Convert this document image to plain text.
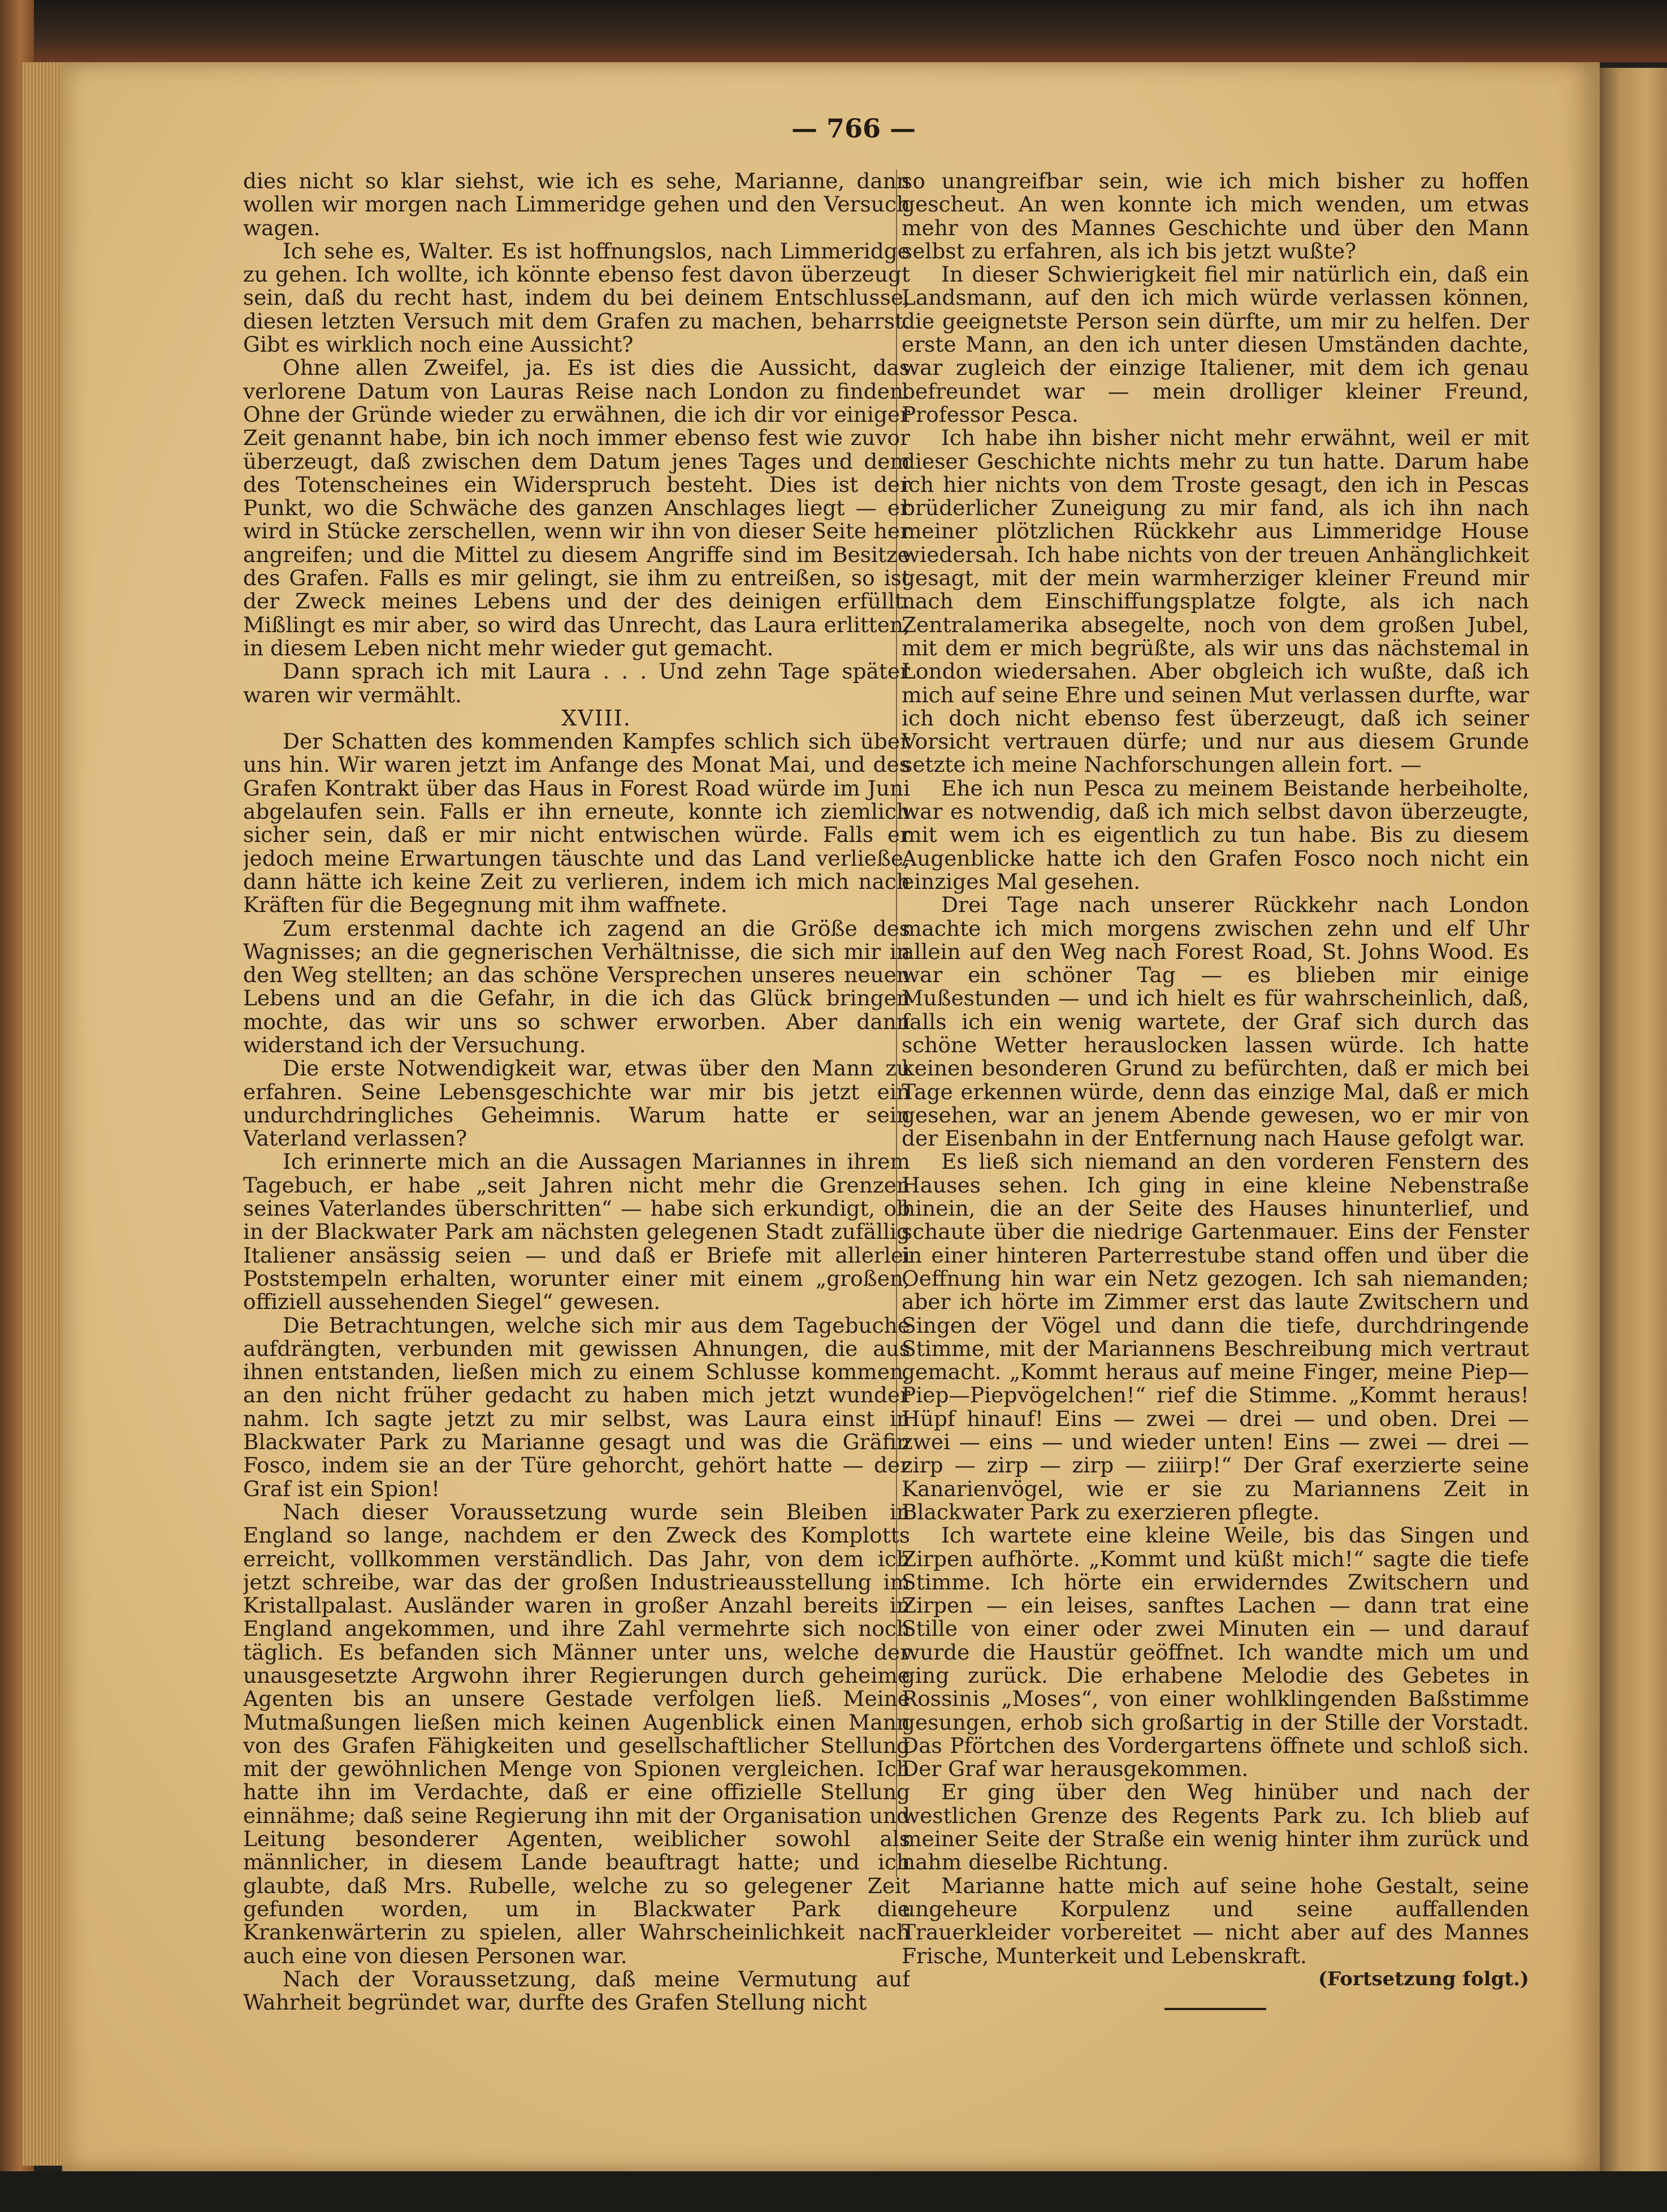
— 766 —

dies nicht so klar siehst, wie ich es sehe, Marianne, dann wollen wir morgen nach Limmeridge gehen und den Versuch wagen.

Ich sehe es, Walter. Es ist hoffnungslos, nach Limmeridge zu gehen. Ich wollte, ich könnte ebenso fest davon überzeugt sein, daß du recht hast, indem du bei deinem Entschlusse, diesen letzten Versuch mit dem Grafen zu machen, beharrst. Gibt es wirklich noch eine Aussicht?

Ohne allen Zweifel, ja. Es ist dies die Aussicht, das verlorene Datum von Lauras Reise nach London zu finden. Ohne der Gründe wieder zu erwähnen, die ich dir vor einiger Zeit genannt habe, bin ich noch immer ebenso fest wie zuvor überzeugt, daß zwischen dem Datum jenes Tages und dem des Totenscheines ein Widerspruch besteht. Dies ist der Punkt, wo die Schwäche des ganzen Anschlages liegt — er wird in Stücke zerschellen, wenn wir ihn von dieser Seite her angreifen; und die Mittel zu diesem Angriffe sind im Besitze des Grafen. Falls es mir gelingt, sie ihm zu entreißen, so ist der Zweck meines Lebens und der des deinigen erfüllt. Mißlingt es mir aber, so wird das Unrecht, das Laura erlitten, in diesem Leben nicht mehr wieder gut gemacht.

Dann sprach ich mit Laura . . . Und zehn Tage später waren wir vermählt.

XVIII.

Der Schatten des kommenden Kampfes schlich sich über uns hin. Wir waren jetzt im Anfange des Monat Mai, und des Grafen Kontrakt über das Haus in Forest Road würde im Juni abgelaufen sein. Falls er ihn erneute, konnte ich ziemlich sicher sein, daß er mir nicht entwischen würde. Falls er jedoch meine Erwartungen täuschte und das Land verließe, dann hätte ich keine Zeit zu verlieren, indem ich mich nach Kräften für die Begegnung mit ihm waffnete.

Zum erstenmal dachte ich zagend an die Größe des Wagnisses; an die gegnerischen Verhältnisse, die sich mir in den Weg stellten; an das schöne Versprechen unseres neuen Lebens und an die Gefahr, in die ich das Glück bringen mochte, das wir uns so schwer erworben. Aber dann widerstand ich der Versuchung.

Die erste Notwendigkeit war, etwas über den Mann zu erfahren. Seine Lebensgeschichte war mir bis jetzt ein undurchdringliches Geheimnis. Warum hatte er sein Vaterland verlassen?

Ich erinnerte mich an die Aussagen Mariannes in ihrem Tagebuch, er habe „seit Jahren nicht mehr die Grenzen seines Vaterlandes überschritten“ — habe sich erkundigt, ob in der Blackwater Park am nächsten gelegenen Stadt zufällig Italiener ansässig seien — und daß er Briefe mit allerlei Poststempeln erhalten, worunter einer mit einem „großen, offiziell aussehenden Siegel“ gewesen.

Die Betrachtungen, welche sich mir aus dem Tagebuche aufdrängten, verbunden mit gewissen Ahnungen, die aus ihnen entstanden, ließen mich zu einem Schlusse kommen, an den nicht früher gedacht zu haben mich jetzt wunder nahm. Ich sagte jetzt zu mir selbst, was Laura einst in Blackwater Park zu Marianne gesagt und was die Gräfin Fosco, indem sie an der Türe gehorcht, gehört hatte — der Graf ist ein Spion!

Nach dieser Voraussetzung wurde sein Bleiben in England so lange, nachdem er den Zweck des Komplotts erreicht, vollkommen verständlich. Das Jahr, von dem ich jetzt schreibe, war das der großen Industrieausstellung im Kristallpalast. Ausländer waren in großer Anzahl bereits in England angekommen, und ihre Zahl vermehrte sich noch täglich. Es befanden sich Männer unter uns, welche der unausgesetzte Argwohn ihrer Regierungen durch geheime Agenten bis an unsere Gestade verfolgen ließ. Meine Mutmaßungen ließen mich keinen Augenblick einen Mann von des Grafen Fähigkeiten und gesellschaftlicher Stellung mit der gewöhnlichen Menge von Spionen vergleichen. Ich hatte ihn im Verdachte, daß er eine offizielle Stellung einnähme; daß seine Regierung ihn mit der Organisation und Leitung besonderer Agenten, weiblicher sowohl als männlicher, in diesem Lande beauftragt hatte; und ich glaubte, daß Mrs. Rubelle, welche zu so gelegener Zeit gefunden worden, um in Blackwater Park die Krankenwärterin zu spielen, aller Wahrscheinlichkeit nach auch eine von diesen Personen war.

Nach der Voraussetzung, daß meine Vermutung auf Wahrheit begründet war, durfte des Grafen Stellung nicht

so unangreifbar sein, wie ich mich bisher zu hoffen gescheut. An wen konnte ich mich wenden, um etwas mehr von des Mannes Geschichte und über den Mann selbst zu erfahren, als ich bis jetzt wußte?

In dieser Schwierigkeit fiel mir natürlich ein, daß ein Landsmann, auf den ich mich würde verlassen können, die geeignetste Person sein dürfte, um mir zu helfen. Der erste Mann, an den ich unter diesen Umständen dachte, war zugleich der einzige Italiener, mit dem ich genau befreundet war — mein drolliger kleiner Freund, Professor Pesca.

Ich habe ihn bisher nicht mehr erwähnt, weil er mit dieser Geschichte nichts mehr zu tun hatte. Darum habe ich hier nichts von dem Troste gesagt, den ich in Pescas brüderlicher Zuneigung zu mir fand, als ich ihn nach meiner plötzlichen Rückkehr aus Limmeridge House wiedersah. Ich habe nichts von der treuen Anhänglichkeit gesagt, mit der mein warmherziger kleiner Freund mir nach dem Einschiffungsplatze folgte, als ich nach Zentralamerika absegelte, noch von dem großen Jubel, mit dem er mich begrüßte, als wir uns das nächstemal in London wiedersahen. Aber obgleich ich wußte, daß ich mich auf seine Ehre und seinen Mut verlassen durfte, war ich doch nicht ebenso fest überzeugt, daß ich seiner Vorsicht vertrauen dürfe; und nur aus diesem Grunde setzte ich meine Nachforschungen allein fort. —

Ehe ich nun Pesca zu meinem Beistande herbeiholte, war es notwendig, daß ich mich selbst davon überzeugte, mit wem ich es eigentlich zu tun habe. Bis zu diesem Augenblicke hatte ich den Grafen Fosco noch nicht ein einziges Mal gesehen.

Drei Tage nach unserer Rückkehr nach London machte ich mich morgens zwischen zehn und elf Uhr allein auf den Weg nach Forest Road, St. Johns Wood. Es war ein schöner Tag — es blieben mir einige Mußestunden — und ich hielt es für wahrscheinlich, daß, falls ich ein wenig wartete, der Graf sich durch das schöne Wetter herauslocken lassen würde. Ich hatte keinen besonderen Grund zu befürchten, daß er mich bei Tage erkennen würde, denn das einzige Mal, daß er mich gesehen, war an jenem Abende gewesen, wo er mir von der Eisenbahn in der Entfernung nach Hause gefolgt war.

Es ließ sich niemand an den vorderen Fenstern des Hauses sehen. Ich ging in eine kleine Nebenstraße hinein, die an der Seite des Hauses hinunterlief, und schaute über die niedrige Gartenmauer. Eins der Fenster in einer hinteren Parterrestube stand offen und über die Oeffnung hin war ein Netz gezogen. Ich sah niemanden; aber ich hörte im Zimmer erst das laute Zwitschern und Singen der Vögel und dann die tiefe, durchdringende Stimme, mit der Mariannens Beschreibung mich vertraut gemacht. „Kommt heraus auf meine Finger, meine Piep—Piep—Piepvögelchen!“ rief die Stimme. „Kommt heraus! Hüpf hinauf! Eins — zwei — drei — und oben. Drei — zwei — eins — und wieder unten! Eins — zwei — drei — zirp — zirp — zirp — ziiirp!“ Der Graf exerzierte seine Kanarienvögel, wie er sie zu Mariannens Zeit in Blackwater Park zu exerzieren pflegte.

Ich wartete eine kleine Weile, bis das Singen und Zirpen aufhörte. „Kommt und küßt mich!“ sagte die tiefe Stimme. Ich hörte ein erwiderndes Zwitschern und Zirpen — ein leises, sanftes Lachen — dann trat eine Stille von einer oder zwei Minuten ein — und darauf wurde die Haustür geöffnet. Ich wandte mich um und ging zurück. Die erhabene Melodie des Gebetes in Rossinis „Moses“, von einer wohlklingenden Baßstimme gesungen, erhob sich großartig in der Stille der Vorstadt. Das Pförtchen des Vordergartens öffnete und schloß sich. Der Graf war herausgekommen.

Er ging über den Weg hinüber und nach der westlichen Grenze des Regents Park zu. Ich blieb auf meiner Seite der Straße ein wenig hinter ihm zurück und nahm dieselbe Richtung.

Marianne hatte mich auf seine hohe Gestalt, seine ungeheure Korpulenz und seine auffallenden Trauerkleider vorbereitet — nicht aber auf des Mannes Frische, Munterkeit und Lebenskraft.

(Fortsetzung folgt.)
